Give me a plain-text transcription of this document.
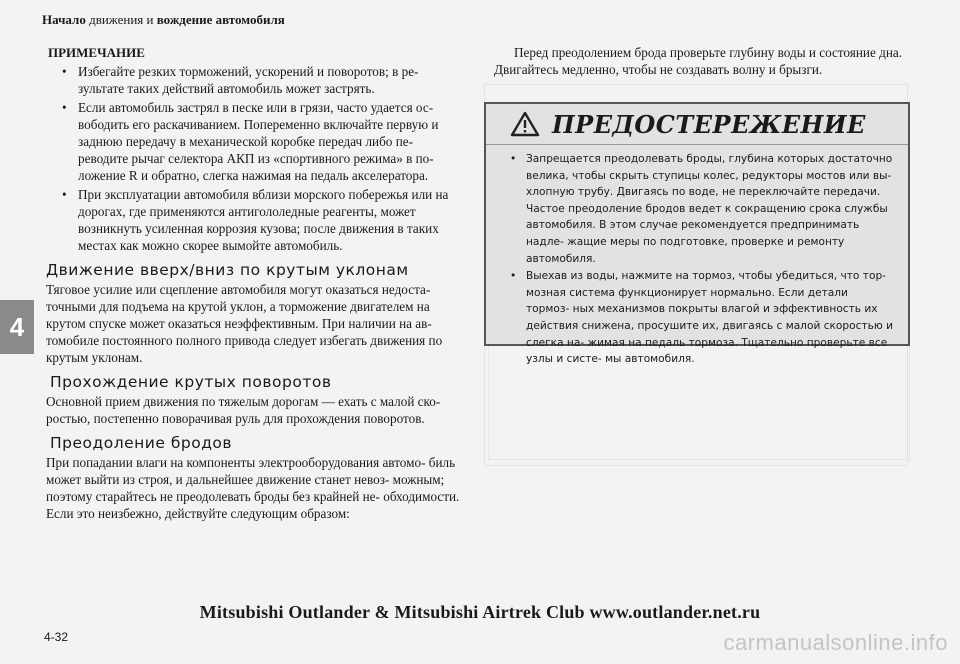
Начало движения и вождение автомобиля
4
ПРИМЕЧАНИЕ
• Избегайте резких торможений, ускорений и поворотов; в ре- зультате таких действий автомобиль может застрять.
• Если автомобиль застрял в песке или в грязи, часто удается ос- вободить его раскачиванием. Попеременно включайте первую и заднюю передачу в механической коробке передач либо пе- реводите рычаг селектора АКП из «спортивного режима» в по- ложение R и обратно, слегка нажимая на педаль акселератора.
• При эксплуатации автомобиля вблизи морского побережья или на дорогах, где применяются антигололедные реагенты, может возникнуть усиленная коррозия кузова; после движения в таких местах как можно скорее вымойте автомобиль.
Движение вверх/вниз по крутым уклонам

Тяговое усилие или сцепление автомобиля могут оказаться недоста- точными для подъема на крутой уклон, а торможение двигателем на крутом спуске может оказаться неэффективным. При наличии на ав- томобиле постоянного полного привода следует избегать движения по крутым уклонам.

Прохождение крутых поворотов

Основной прием движения по тяжелым дорогам — ехать с малой ско- ростью, постепенно поворачивая руль для прохождения поворотов.

Преодоление бродов

При попадании влаги на компоненты электрооборудования автомо- биль может выйти из строя, и дальнейшее движение станет невоз- можным; поэтому старайтесь не преодолевать броды без крайней не- обходимости. Если это неизбежно, действуйте следующим образом:

Перед преодолением брода проверьте глубину воды и состояние дна. Двигайтесь медленно, чтобы не создавать волну и брызги.

ПРЕДОСТЕРЕЖЕНИЕ
• Запрещается преодолевать броды, глубина которых достаточно велика, чтобы скрыть ступицы колес, редукторы мостов или вы- хлопную трубу. Двигаясь по воде, не переключайте передачи. Частое преодоление бродов ведет к сокращению срока службы автомобиля. В этом случае рекомендуется предпринимать надле- жащие меры по подготовке, проверке и ремонту автомобиля.
• Выехав из воды, нажмите на тормоз, чтобы убедиться, что тор- мозная система функционирует нормально. Если детали тормоз- ных механизмов покрыты влагой и эффективность их действия снижена, просушите их, двигаясь с малой скоростью и слегка на- жимая на педаль тормоза. Тщательно проверьте все узлы и систе- мы автомобиля.
Mitsubishi Outlander & Mitsubishi Airtrek Club www.outlander.net.ru
4-32	carmanualsonline.info
